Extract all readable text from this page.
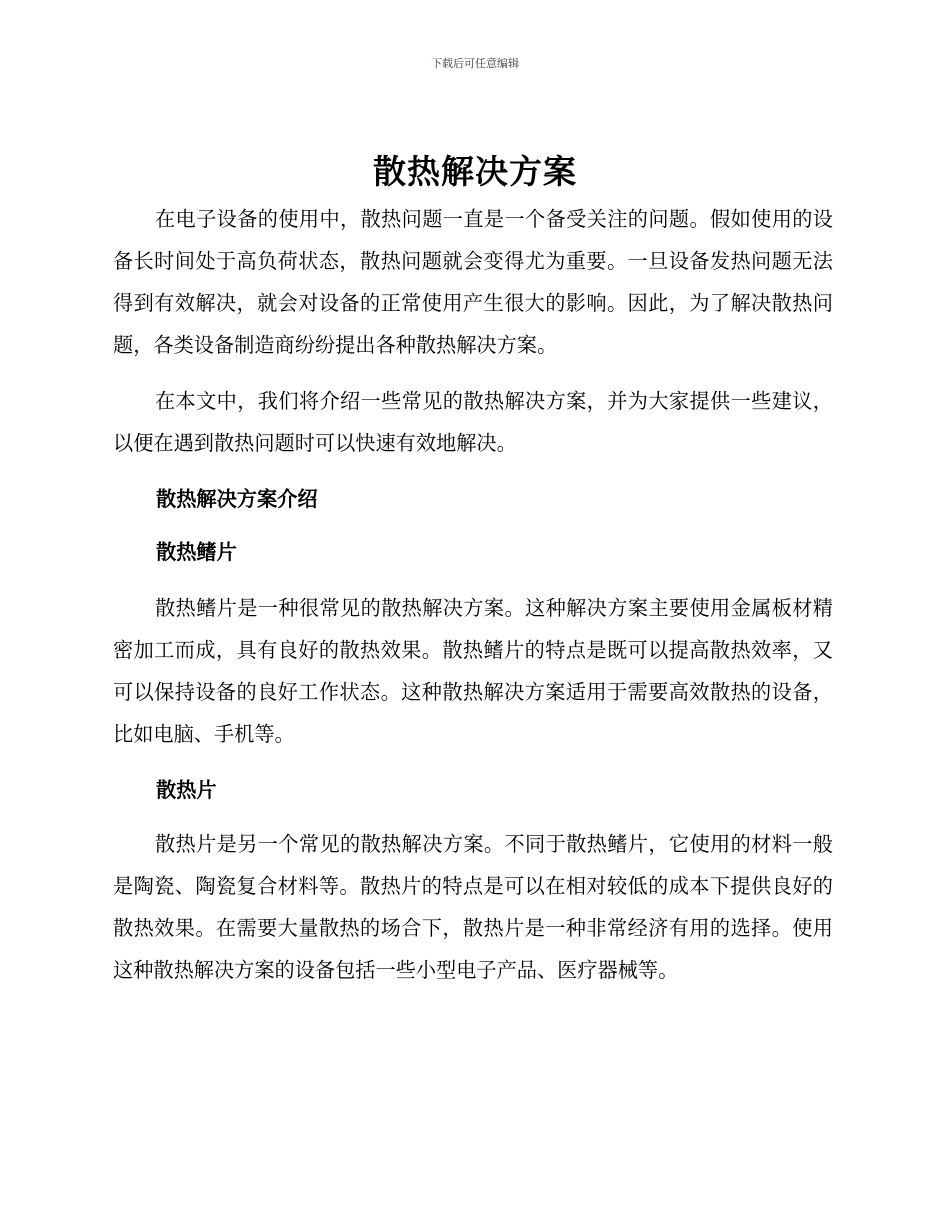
下载后可任意编辑
散热解决方案

在电子设备的使用中，散热问题一直是一个备受关注的问题。假如使用的设备长时间处于高负荷状态，散热问题就会变得尤为重要。一旦设备发热问题无法得到有效解决，就会对设备的正常使用产生很大的影响。因此，为了解决散热问题，各类设备制造商纷纷提出各种散热解决方案。

在本文中，我们将介绍一些常见的散热解决方案，并为大家提供一些建议，以便在遇到散热问题时可以快速有效地解决。

散热解决方案介绍
散热鳍片

散热鳍片是一种很常见的散热解决方案。这种解决方案主要使用金属板材精密加工而成，具有良好的散热效果。散热鳍片的特点是既可以提高散热效率，又可以保持设备的良好工作状态。这种散热解决方案适用于需要高效散热的设备，比如电脑、手机等。

散热片

散热片是另一个常见的散热解决方案。不同于散热鳍片，它使用的材料一般是陶瓷、陶瓷复合材料等。散热片的特点是可以在相对较低的成本下提供良好的散热效果。在需要大量散热的场合下，散热片是一种非常经济有用的选择。使用这种散热解决方案的设备包括一些小型电子产品、医疗器械等。
